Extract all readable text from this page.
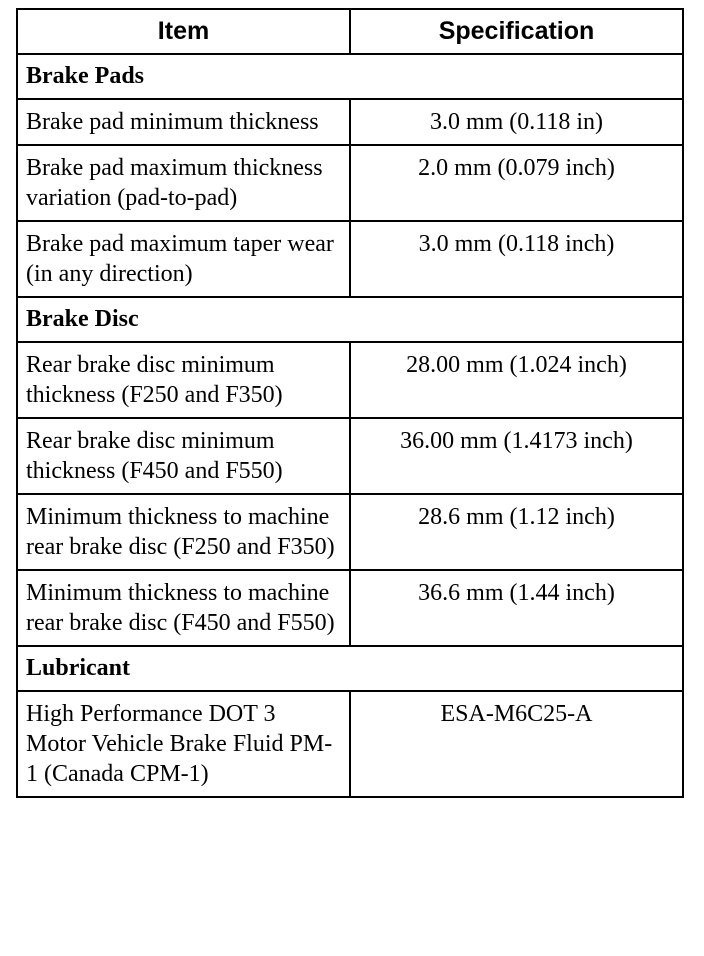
Item	Specification
Brake Pads	
Brake pad minimum thickness	3.0 mm (0.118 in)
Brake pad maximum thickness variation (pad-to-pad)	2.0 mm (0.079 inch)
Brake pad maximum taper wear (in any direction)	3.0 mm (0.118 inch)
Brake Disc	
Rear brake disc minimum thickness (F250 and F350)	28.00 mm (1.024 inch)
Rear brake disc minimum thickness (F450 and F550)	36.00 mm (1.4173 inch)
Minimum thickness to machine rear brake disc (F250 and F350)	28.6 mm (1.12 inch)
Minimum thickness to machine rear brake disc (F450 and F550)	36.6 mm (1.44 inch)
Lubricant	
High Performance DOT 3 Motor Vehicle Brake Fluid PM-1 (Canada CPM-1)	ESA-M6C25-A
